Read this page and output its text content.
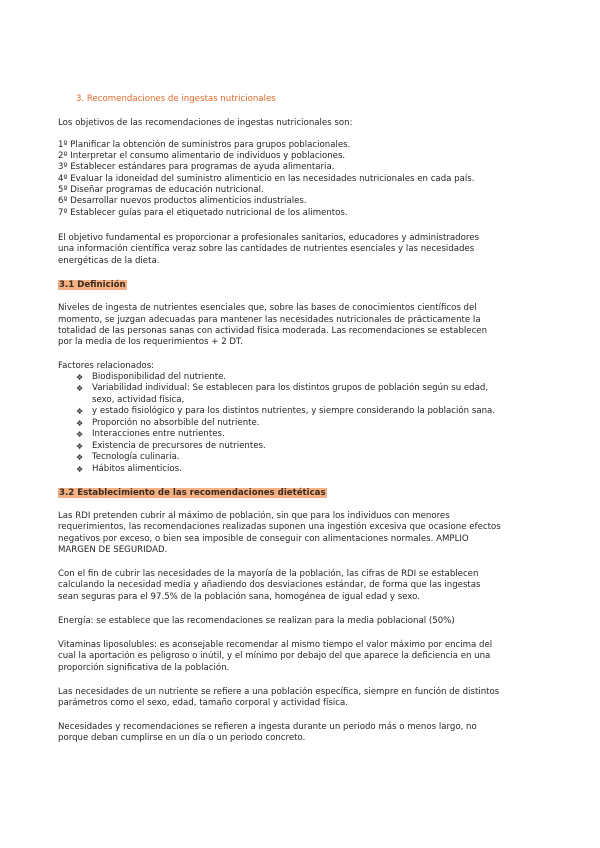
3. Recomendaciones de ingestas nutricionales
Los objetivos de las recomendaciones de ingestas nutricionales son:
1º Planificar la obtención de suministros para grupos poblacionales.
2º Interpretar el consumo alimentario de individuos y poblaciones.
3º Establecer estándares para programas de ayuda alimentaria.
4º Evaluar la idoneidad del suministro alimenticio en las necesidades nutricionales en cada país.
5º Diseñar programas de educación nutricional.
6º Desarrollar nuevos productos alimenticios industriales.
7º Establecer guías para el etiquetado nutricional de los alimentos.
El objetivo fundamental es proporcionar a profesionales sanitarios, educadores y administradores
una información científica veraz sobre las cantidades de nutrientes esenciales y las necesidades
energéticas de la dieta.
3.1 Definición
Niveles de ingesta de nutrientes esenciales que, sobre las bases de conocimientos científicos del
momento, se juzgan adecuadas para mantener las necesidades nutricionales de prácticamente la
totalidad de las personas sanas con actividad física moderada. Las recomendaciones se establecen
por la media de los requerimientos + 2 DT.
Factores relacionados:
❖ Biodisponibilidad del nutriente.
❖ Variabilidad individual: Se establecen para los distintos grupos de población según su edad,
sexo, actividad física,
❖ y estado fisiológico y para los distintos nutrientes, y siempre considerando la población sana.
❖ Proporción no absorbible del nutriente.
❖ Interacciones entre nutrientes.
❖ Existencia de precursores de nutrientes.
❖ Tecnología culinaria.
❖ Hábitos alimenticios.
3.2 Establecimiento de las recomendaciones dietéticas
Las RDI pretenden cubrir al máximo de población, sin que para los individuos con menores
requerimientos, las recomendaciones realizadas suponen una ingestión excesiva que ocasione efectos
negativos por exceso, o bien sea imposible de conseguir con alimentaciones normales. AMPLIO
MARGEN DE SEGURIDAD.
Con el fin de cubrir las necesidades de la mayoría de la población, las cifras de RDI se establecen
calculando la necesidad media y añadiendo dos desviaciones estándar, de forma que las ingestas
sean seguras para el 97.5% de la población sana, homogénea de igual edad y sexo.
Energía: se establece que las recomendaciones se realizan para la media poblacional (50%)
Vitaminas liposolubles: es aconsejable recomendar al mismo tiempo el valor máximo por encima del
cual la aportación es peligroso o inútil, y el mínimo por debajo del que aparece la deficiencia en una
proporción significativa de la población.
Las necesidades de un nutriente se refiere a una población específica, siempre en función de distintos
parámetros como el sexo, edad, tamaño corporal y actividad física.
Necesidades y recomendaciones se refieren a ingesta durante un periodo más o menos largo, no
porque deban cumplirse en un día o un periodo concreto.
